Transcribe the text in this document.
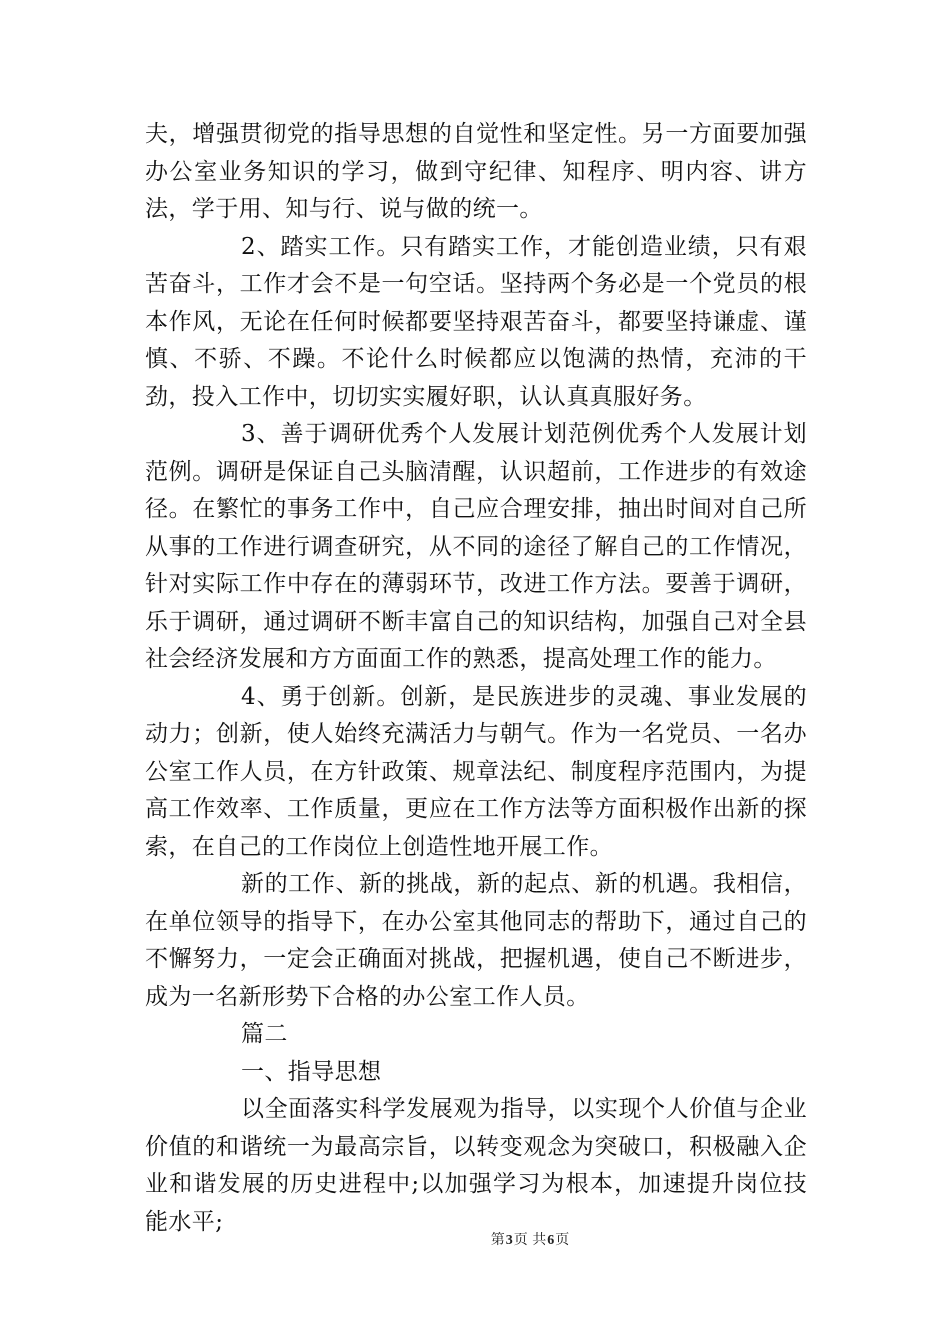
夫，增强贯彻党的指导思想的自觉性和坚定性。另一方面要加强办公室业务知识的学习，做到守纪律、知程序、明内容、讲方法，学于用、知与行、说与做的统一。

2、踏实工作。只有踏实工作，才能创造业绩，只有艰苦奋斗，工作才会不是一句空话。坚持两个务必是一个党员的根本作风，无论在任何时候都要坚持艰苦奋斗，都要坚持谦虚、谨慎、不骄、不躁。不论什么时候都应以饱满的热情，充沛的干劲，投入工作中，切切实实履好职，认认真真服好务。

3、善于调研优秀个人发展计划范例优秀个人发展计划范例。调研是保证自己头脑清醒，认识超前，工作进步的有效途径。在繁忙的事务工作中，自己应合理安排，抽出时间对自己所从事的工作进行调查研究，从不同的途径了解自己的工作情况，针对实际工作中存在的薄弱环节，改进工作方法。要善于调研，乐于调研，通过调研不断丰富自己的知识结构，加强自己对全县社会经济发展和方方面面工作的熟悉，提高处理工作的能力。

4、勇于创新。创新，是民族进步的灵魂、事业发展的动力；创新，使人始终充满活力与朝气。作为一名党员、一名办公室工作人员，在方针政策、规章法纪、制度程序范围内，为提高工作效率、工作质量，更应在工作方法等方面积极作出新的探索，在自己的工作岗位上创造性地开展工作。

新的工作、新的挑战，新的起点、新的机遇。我相信，在单位领导的指导下，在办公室其他同志的帮助下，通过自己的不懈努力，一定会正确面对挑战，把握机遇，使自己不断进步，成为一名新形势下合格的办公室工作人员。

篇二

一、指导思想

以全面落实科学发展观为指导，以实现个人价值与企业价值的和谐统一为最高宗旨，以转变观念为突破口，积极融入企业和谐发展的历史进程中;以加强学习为根本，加速提升岗位技能水平;

第3页 共6页
